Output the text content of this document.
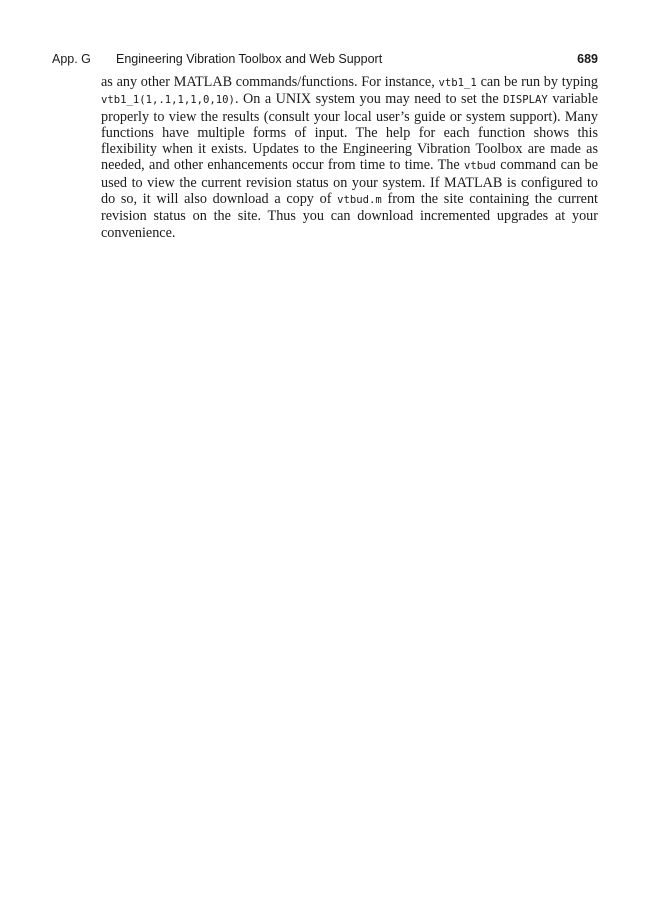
App. G Engineering Vibration Toolbox and Web Support	689

as any other MATLAB commands/functions. For instance, vtb1_1 can be run by typing vtb1_1(1,.1,1,1,0,10). On a UNIX system you may need to set the DISPLAY variable properly to view the results (consult your local user’s guide or system support). Many functions have multiple forms of input. The help for each function shows this flexibility when it exists. Updates to the Engineering Vibration Toolbox are made as needed, and other enhancements occur from time to time. The vtbud command can be used to view the current revision status on your system. If MATLAB is configured to do so, it will also download a copy of vtbud.m from the site containing the current revision status on the site. Thus you can download incremented upgrades at your convenience.
